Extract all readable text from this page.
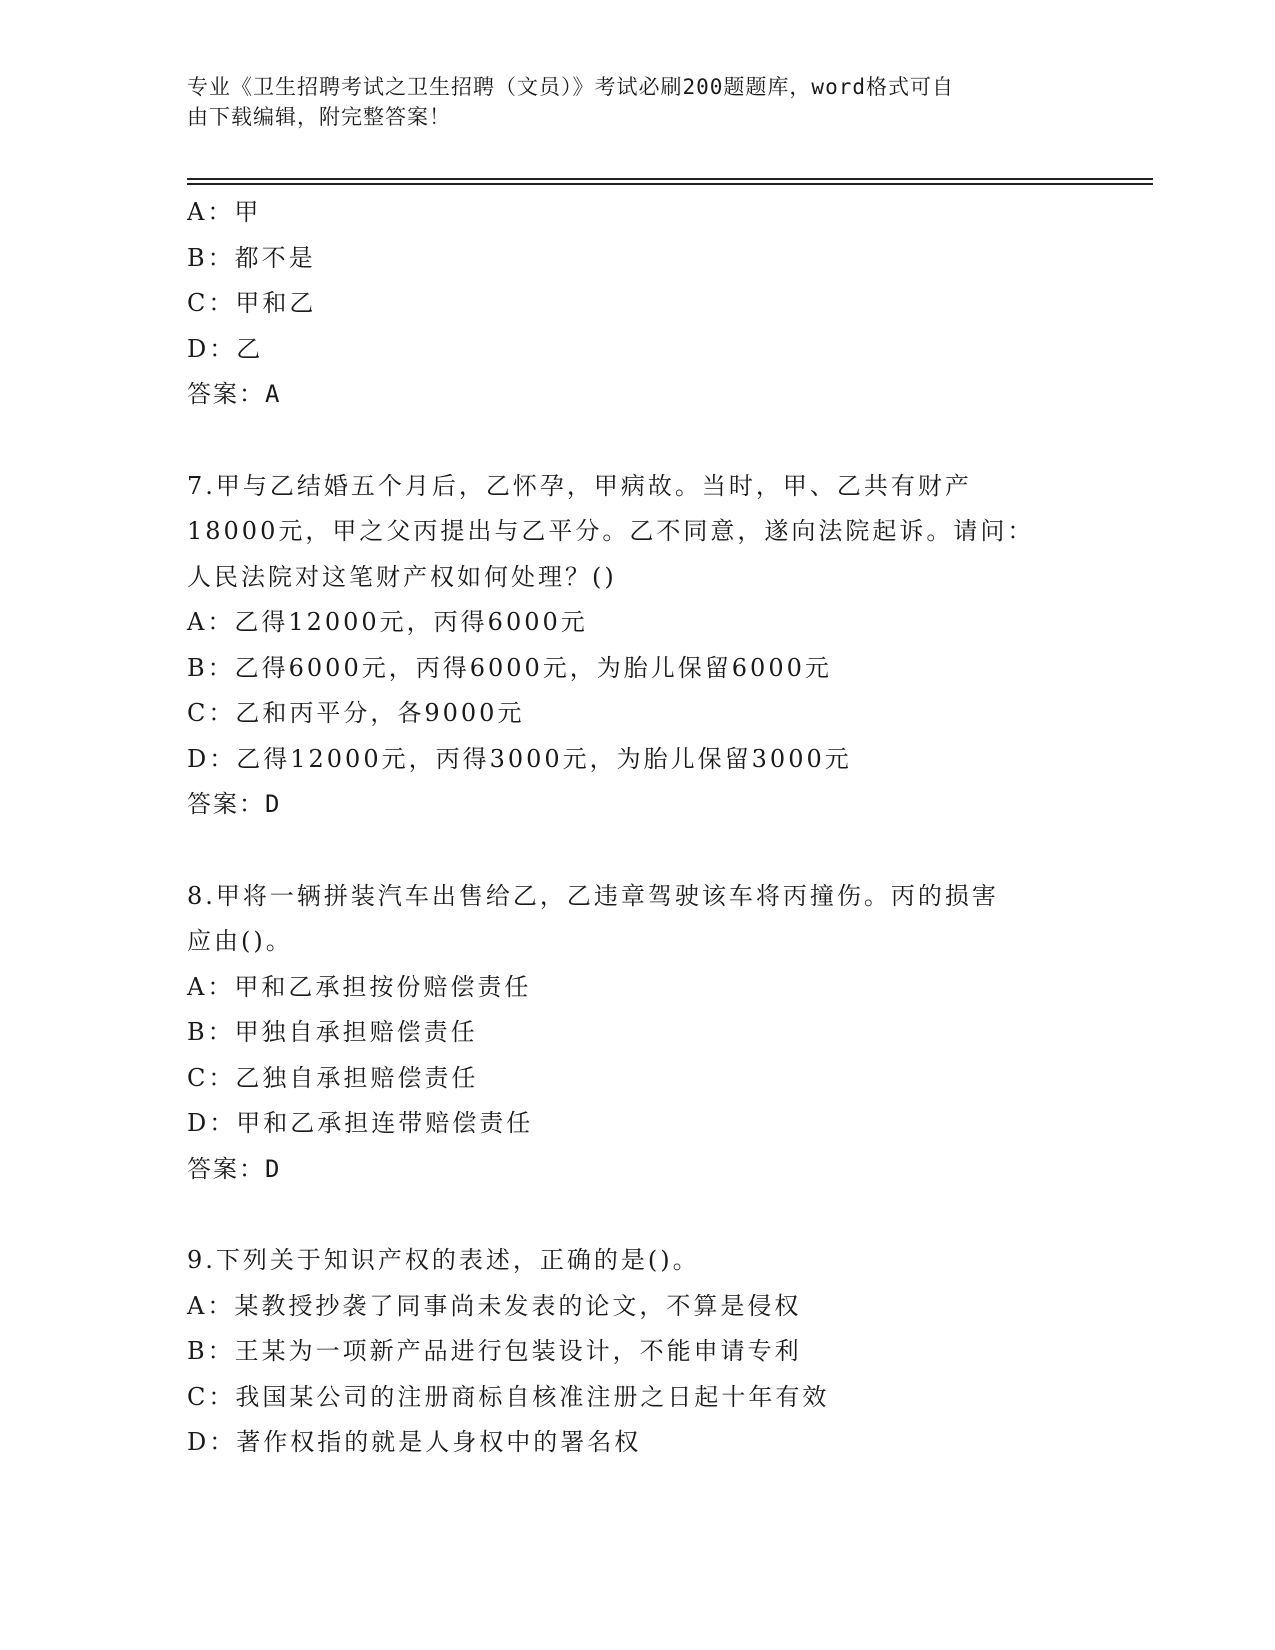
专业《卫生招聘考试之卫生招聘（文员）》考试必刷200题题库，word格式可自
由下载编辑，附完整答案！
A：甲
B：都不是
C：甲和乙
D：乙
答案：A
7.甲与乙结婚五个月后，乙怀孕，甲病故。当时，甲、乙共有财产
18000元，甲之父丙提出与乙平分。乙不同意，遂向法院起诉。请问：
人民法院对这笔财产权如何处理？()
A：乙得12000元，丙得6000元
B：乙得6000元，丙得6000元，为胎儿保留6000元
C：乙和丙平分，各9000元
D：乙得12000元，丙得3000元，为胎儿保留3000元
答案：D
8.甲将一辆拼装汽车出售给乙，乙违章驾驶该车将丙撞伤。丙的损害
应由()。
A：甲和乙承担按份赔偿责任
B：甲独自承担赔偿责任
C：乙独自承担赔偿责任
D：甲和乙承担连带赔偿责任
答案：D
9.下列关于知识产权的表述，正确的是()。
A：某教授抄袭了同事尚未发表的论文，不算是侵权
B：王某为一项新产品进行包装设计，不能申请专利
C：我国某公司的注册商标自核准注册之日起十年有效
D：著作权指的就是人身权中的署名权
